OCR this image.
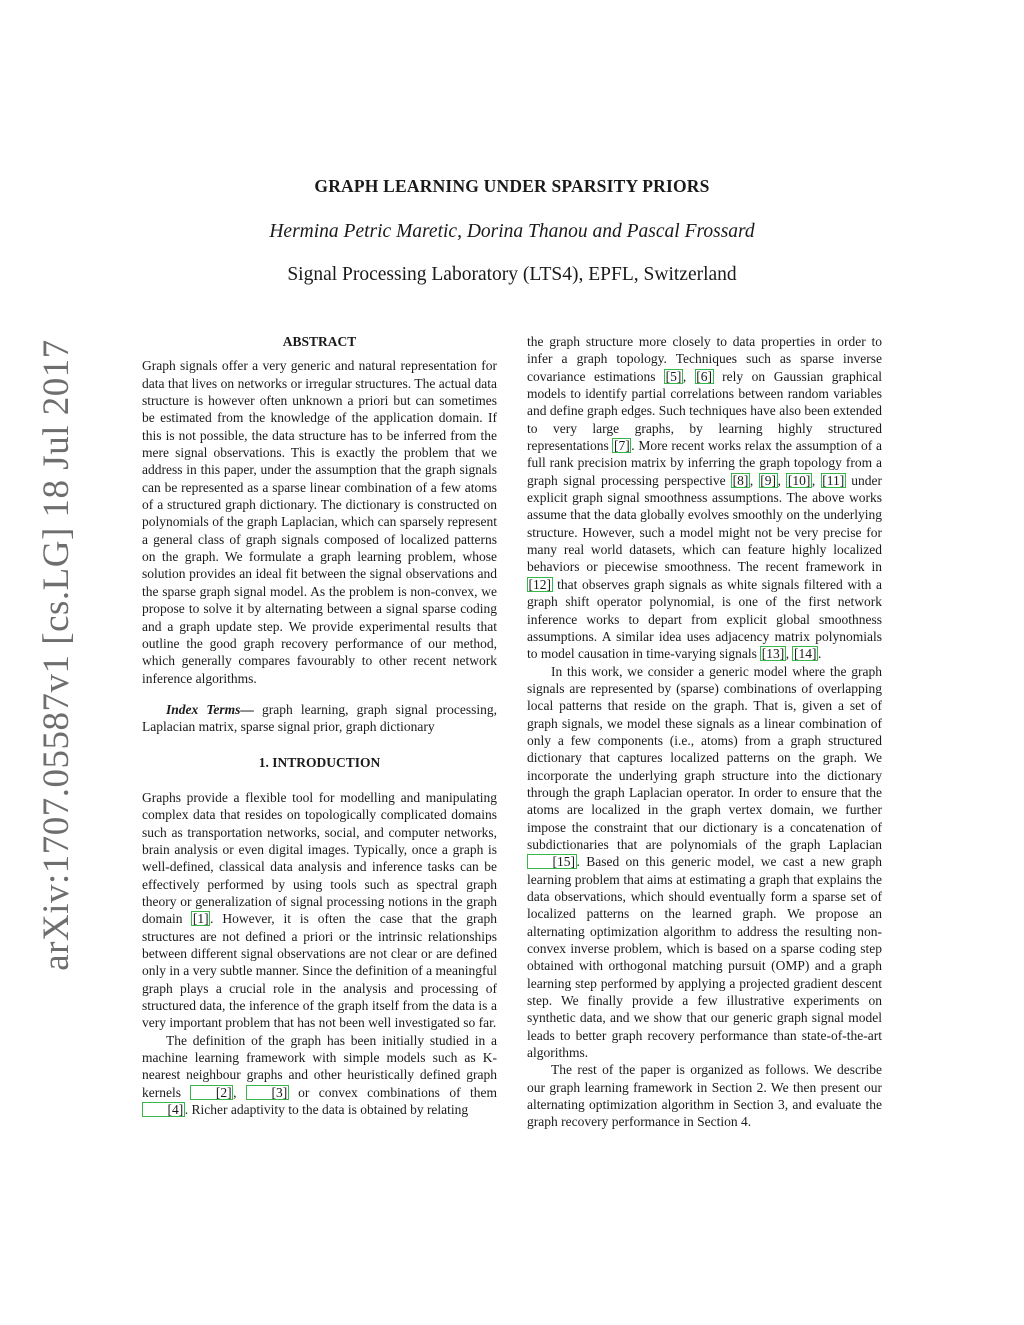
arXiv:1707.05587v1 [cs.LG] 18 Jul 2017
GRAPH LEARNING UNDER SPARSITY PRIORS
Hermina Petric Maretic, Dorina Thanou and Pascal Frossard
Signal Processing Laboratory (LTS4), EPFL, Switzerland
ABSTRACT

Graph signals offer a very generic and natural representation for data that lives on networks or irregular structures. The actual data structure is however often unknown a priori but can sometimes be estimated from the knowledge of the application domain. If this is not possible, the data structure has to be inferred from the mere signal observations. This is exactly the problem that we address in this paper, under the assumption that the graph signals can be represented as a sparse linear combination of a few atoms of a structured graph dictionary. The dictionary is constructed on polynomials of the graph Laplacian, which can sparsely represent a general class of graph signals composed of localized patterns on the graph. We formulate a graph learning problem, whose solution provides an ideal fit between the signal observations and the sparse graph signal model. As the problem is non-convex, we propose to solve it by alternating between a signal sparse coding and a graph update step. We provide experimental results that outline the good graph recovery performance of our method, which generally compares favourably to other recent network inference algorithms.

Index Terms— graph learning, graph signal processing, Laplacian matrix, sparse signal prior, graph dictionary

1. INTRODUCTION

Graphs provide a flexible tool for modelling and manipulating complex data that resides on topologically complicated domains such as transportation networks, social, and computer networks, brain analysis or even digital images. Typically, once a graph is well-defined, classical data analysis and inference tasks can be effectively performed by using tools such as spectral graph theory or generalization of signal processing notions in the graph domain [1] . However, it is often the case that the graph structures are not defined a priori or the intrinsic relationships between different signal observations are not clear or are defined only in a very subtle manner. Since the definition of a meaningful graph plays a crucial role in the analysis and processing of structured data, the inference of the graph itself from the data is a very important problem that has not been well investigated so far.

The definition of the graph has been initially studied in a machine learning framework with simple models such as K-nearest neighbour graphs and other heuristically defined graph kernels [2] , [3] or convex combinations of them [4] . Richer adaptivity to the data is obtained by relating

the graph structure more closely to data properties in order to infer a graph topology. Techniques such as sparse inverse covariance estimations [5] , [6] rely on Gaussian graphical models to identify partial correlations between random variables and define graph edges. Such techniques have also been extended to very large graphs, by learning highly structured representations [7] . More recent works relax the assumption of a full rank precision matrix by inferring the graph topology from a graph signal processing perspective [8] , [9] , [10] , [11] under explicit graph signal smoothness assumptions. The above works assume that the data globally evolves smoothly on the underlying structure. However, such a model might not be very precise for many real world datasets, which can feature highly localized behaviors or piecewise smoothness. The recent framework in [12] that observes graph signals as white signals filtered with a graph shift operator polynomial, is one of the first network inference works to depart from explicit global smoothness assumptions. A similar idea uses adjacency matrix polynomials to model causation in time-varying signals [13] , [14] .

In this work, we consider a generic model where the graph signals are represented by (sparse) combinations of overlapping local patterns that reside on the graph. That is, given a set of graph signals, we model these signals as a linear combination of only a few components (i.e., atoms) from a graph structured dictionary that captures localized patterns on the graph. We incorporate the underlying graph structure into the dictionary through the graph Laplacian operator. In order to ensure that the atoms are localized in the graph vertex domain, we further impose the constraint that our dictionary is a concatenation of subdictionaries that are polynomials of the graph Laplacian [15] . Based on this generic model, we cast a new graph learning problem that aims at estimating a graph that explains the data observations, which should eventually form a sparse set of localized patterns on the learned graph. We propose an alternating optimization algorithm to address the resulting non-convex inverse problem, which is based on a sparse coding step obtained with orthogonal matching pursuit (OMP) and a graph learning step performed by applying a projected gradient descent step. We finally provide a few illustrative experiments on synthetic data, and we show that our generic graph signal model leads to better graph recovery performance than state-of-the-art algorithms.

The rest of the paper is organized as follows. We describe our graph learning framework in Section 2. We then present our alternating optimization algorithm in Section 3, and evaluate the graph recovery performance in Section 4.
